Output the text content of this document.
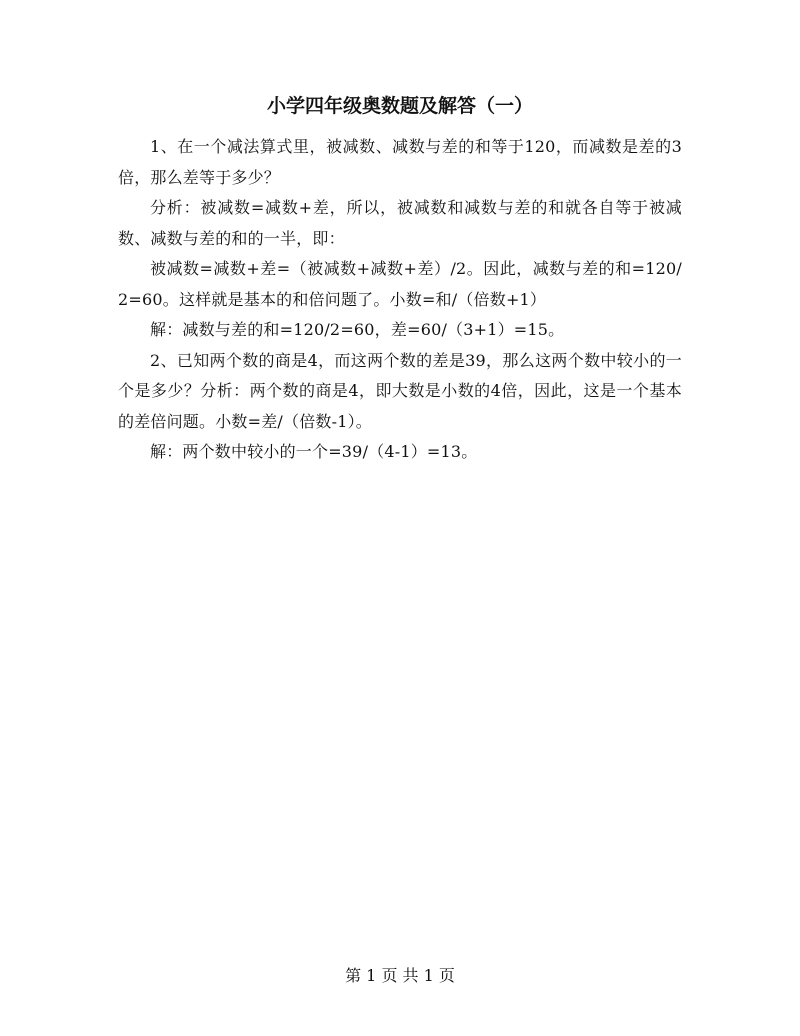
小学四年级奥数题及解答（一）

1、在一个减法算式里，被减数、减数与差的和等于120，而减数是差的3倍，那么差等于多少？

分析：被减数=减数+差，所以，被减数和减数与差的和就各自等于被减数、减数与差的和的一半，即：

被减数=减数+差=（被减数+减数+差）/2。因此，减数与差的和=120/2=60。这样就是基本的和倍问题了。小数=和/（倍数+1）

解：减数与差的和=120/2=60，差=60/（3+1）=15。

2、已知两个数的商是4，而这两个数的差是39，那么这两个数中较小的一个是多少？分析：两个数的商是4，即大数是小数的4倍，因此，这是一个基本的差倍问题。小数=差/（倍数-1）。

解：两个数中较小的一个=39/（4-1）=13。

第 1 页 共 1 页
